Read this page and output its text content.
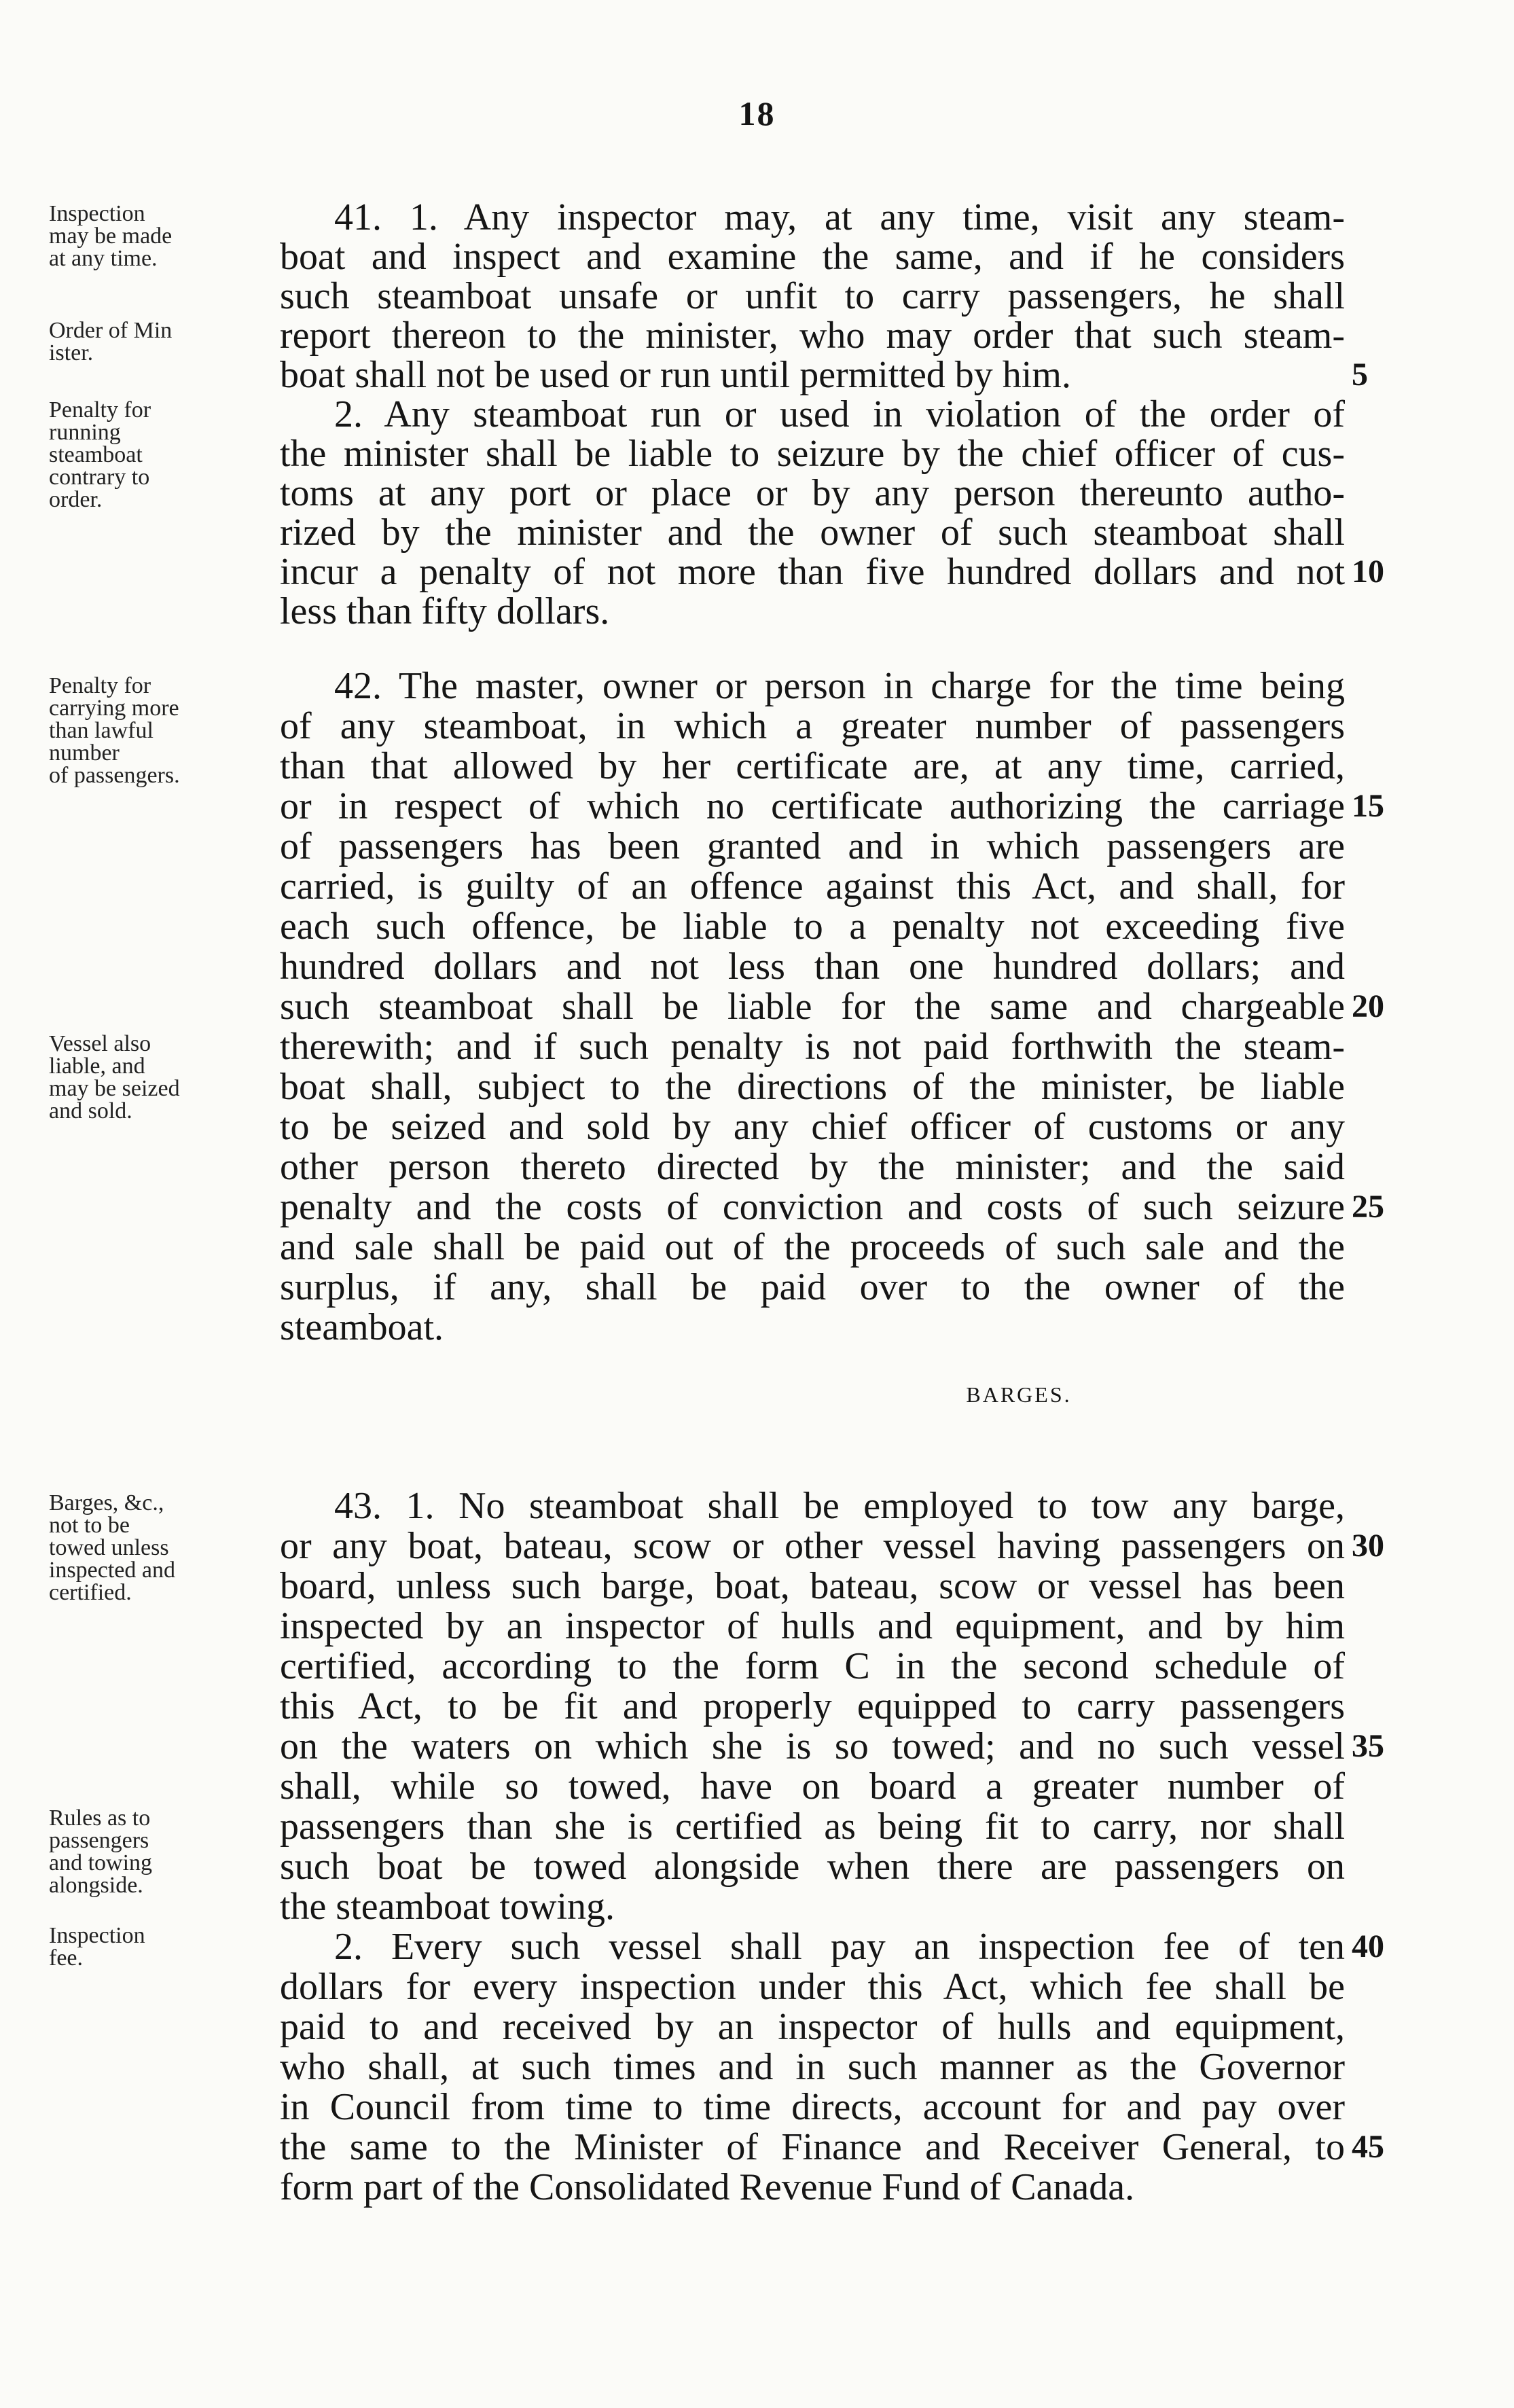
18
Inspection
may be made
at any time.
Order of Min
ister.
Penalty for
running
steamboat
contrary to
order.
Penalty for
carrying more
than lawful
number
of passengers.
Vessel also
liable, and
may be seized
and sold.
Barges, &c.,
not to be
towed unless
inspected and
certified.
Rules as to
passengers
and towing
alongside.
Inspection
fee.
BARGES.
41. 1. Any inspector may, at any time, visit any steam-
boat and inspect and examine the same, and if he considers
such steamboat unsafe or unfit to carry passengers, he shall
report thereon to the minister, who may order that such steam-
boat shall not be used or run until permitted by him.
2. Any steamboat run or used in violation of the order of
the minister shall be liable to seizure by the chief officer of cus-
toms at any port or place or by any person thereunto autho-
rized by the minister and the owner of such steamboat shall
incur a penalty of not more than five hundred dollars and not
less than fifty dollars.
42. The master, owner or person in charge for the time being
of any steamboat, in which a greater number of passengers
than that allowed by her certificate are, at any time, carried,
or in respect of which no certificate authorizing the carriage
of passengers has been granted and in which passengers are
carried, is guilty of an offence against this Act, and shall, for
each such offence, be liable to a penalty not exceeding five
hundred dollars and not less than one hundred dollars; and
such steamboat shall be liable for the same and chargeable
therewith; and if such penalty is not paid forthwith the steam-
boat shall, subject to the directions of the minister, be liable
to be seized and sold by any chief officer of customs or any
other person thereto directed by the minister; and the said
penalty and the costs of conviction and costs of such seizure
and sale shall be paid out of the proceeds of such sale and the
surplus, if any, shall be paid over to the owner of the
steamboat.
43. 1. No steamboat shall be employed to tow any barge,
or any boat, bateau, scow or other vessel having passengers on
board, unless such barge, boat, bateau, scow or vessel has been
inspected by an inspector of hulls and equipment, and by him
certified, according to the form C in the second schedule of
this Act, to be fit and properly equipped to carry passengers
on the waters on which she is so towed; and no such vessel
shall, while so towed, have on board a greater number of
passengers than she is certified as being fit to carry, nor shall
such boat be towed alongside when there are passengers on
the steamboat towing.
2. Every such vessel shall pay an inspection fee of ten
dollars for every inspection under this Act, which fee shall be
paid to and received by an inspector of hulls and equipment,
who shall, at such times and in such manner as the Governor
in Council from time to time directs, account for and pay over
the same to the Minister of Finance and Receiver General, to
form part of the Consolidated Revenue Fund of Canada.
5
10
15
20
25
30
35
40
45
